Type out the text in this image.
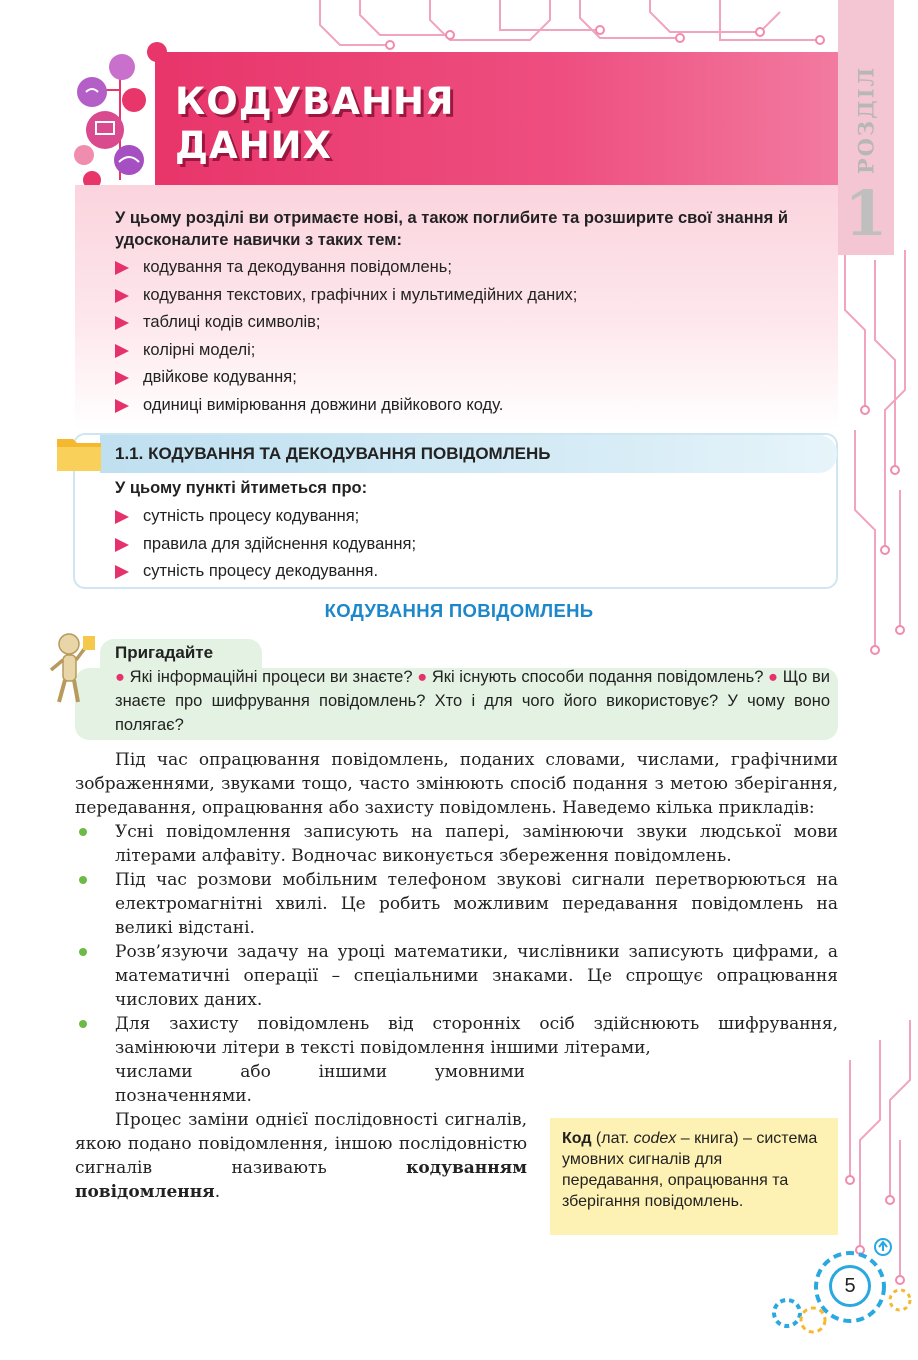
КОДУВАННЯ
ДАНИХ	РОЗДІЛ
1
У цьому розділі ви отримаєте нові, а також поглибите та розширите свої знання й удосконалите навички з таких тем:
кодування та декодування повідомлень;
кодування текстових, графічних і мультимедійних даних;
таблиці кодів символів;
колірні моделі;
двійкове кодування;
одиниці вимірювання довжини двійкового коду.
1.1. КОДУВАННЯ ТА ДЕКОДУВАННЯ ПОВІДОМЛЕНЬ
У цьому пункті йтиметься про:
сутність процесу кодування;
правила для здійснення кодування;
сутність процесу декодування.
КОДУВАННЯ ПОВІДОМЛЕНЬ
Пригадайте
● Які інформаційні процеси ви знаєте? ● Які існують способи подання повідомлень? ● Що ви знаєте про шифрування повідомлень? Хто і для чого його використовує? У чому воно полягає?

Під час опрацювання повідомлень, поданих словами, числами, графічними зображеннями, звуками тощо, часто змінюють спосіб подання з метою зберігання, передавання, опрацювання або захисту повідомлень. Наведемо кілька прикладів:

Усні повідомлення записують на папері, замінюючи звуки людської мови літерами алфавіту. Водночас виконується збереження повідомлень.
Під час розмови мобільним телефоном звукові сигнали перетворюються на електромагнітні хвилі. Це робить можливим передавання повідомлень на великі відстані.
Розв’язуючи задачу на уроці математики, числівники записують цифрами, а математичні операції – спеціальними знаками. Це спрощує опрацювання числових даних.
Для захисту повідомлень від сторонніх осіб здійснюють шифрування, замінюючи літери в тексті повідомлення іншими літерами,
числами або іншими умовними позначеннями.

Процес заміни однієї послідовності сигналів, якою подано повідомлення, іншою послідовністю сигналів називають	кодуванням повідомлення.

Код (лат. codex – книга) – система умовних сигналів для передавання, опрацювання та зберігання повідомлень.
5
